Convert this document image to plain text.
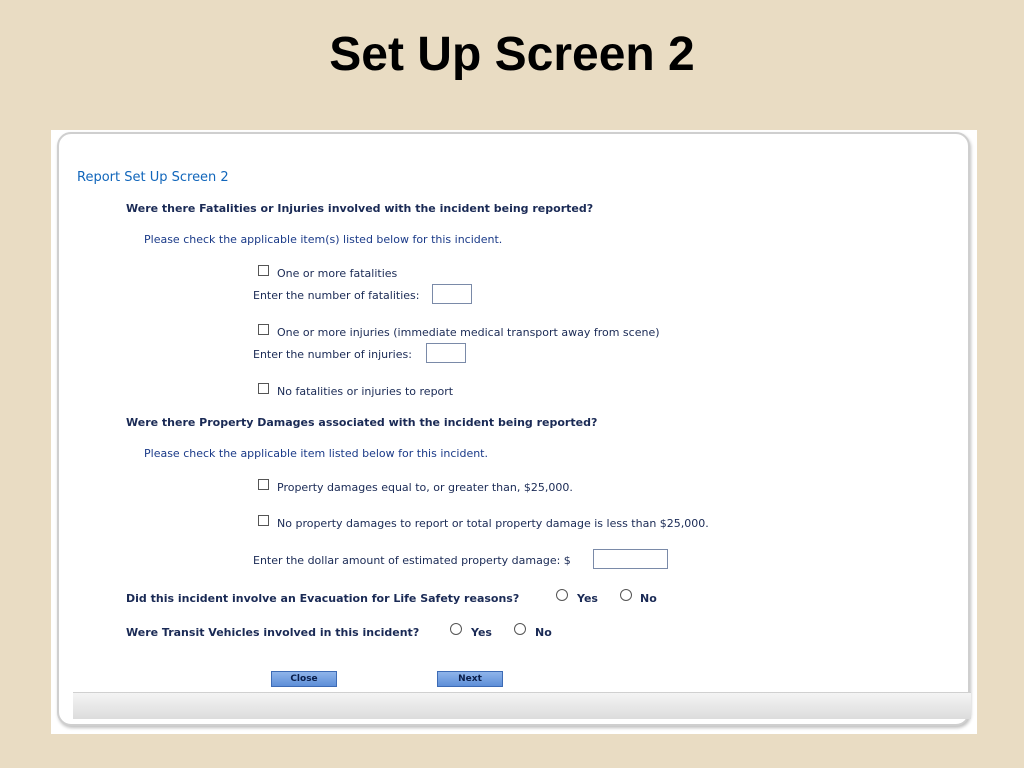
Set Up Screen 2
Report Set Up Screen 2
Were there Fatalities or Injuries involved with the incident being reported?
Please check the applicable item(s) listed below for this incident.
One or more fatalities
Enter the number of fatalities:
One or more injuries (immediate medical transport away from scene)
Enter the number of injuries:
No fatalities or injuries to report
Were there Property Damages associated with the incident being reported?
Please check the applicable item listed below for this incident.
Property damages equal to, or greater than, $25,000.
No property damages to report or total property damage is less than $25,000.
Enter the dollar amount of estimated property damage: $
Did this incident involve an Evacuation for Life Safety reasons?	Yes	No
Were Transit Vehicles involved in this incident?	Yes	No
Close	Next
